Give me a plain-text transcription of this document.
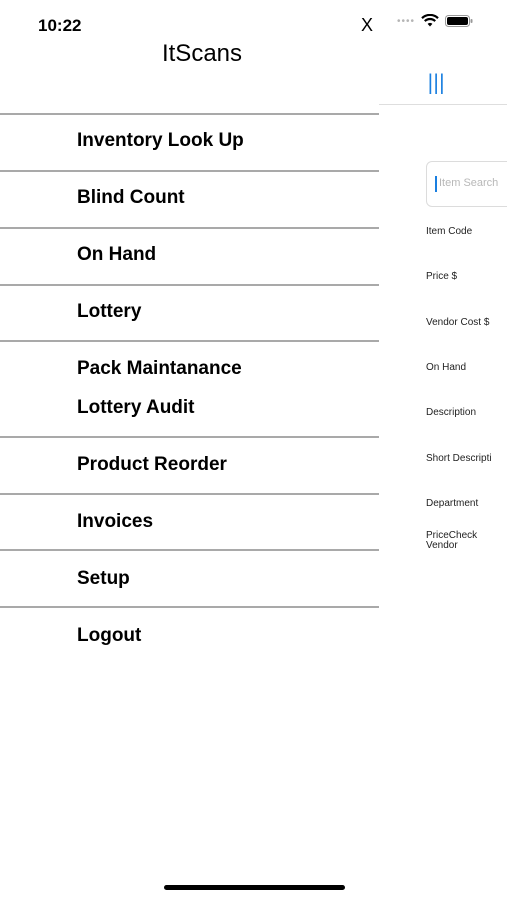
••••
|||
Item Search
Item Code
Price $
Vendor Cost $
On Hand
Description
Short Descripti
Department
PriceCheck
Vendor
10:22	X
ItScans
Inventory Look Up
Blind Count
On Hand
Lottery
Pack Maintanance
Lottery Audit
Product Reorder
Invoices
Setup
Logout
